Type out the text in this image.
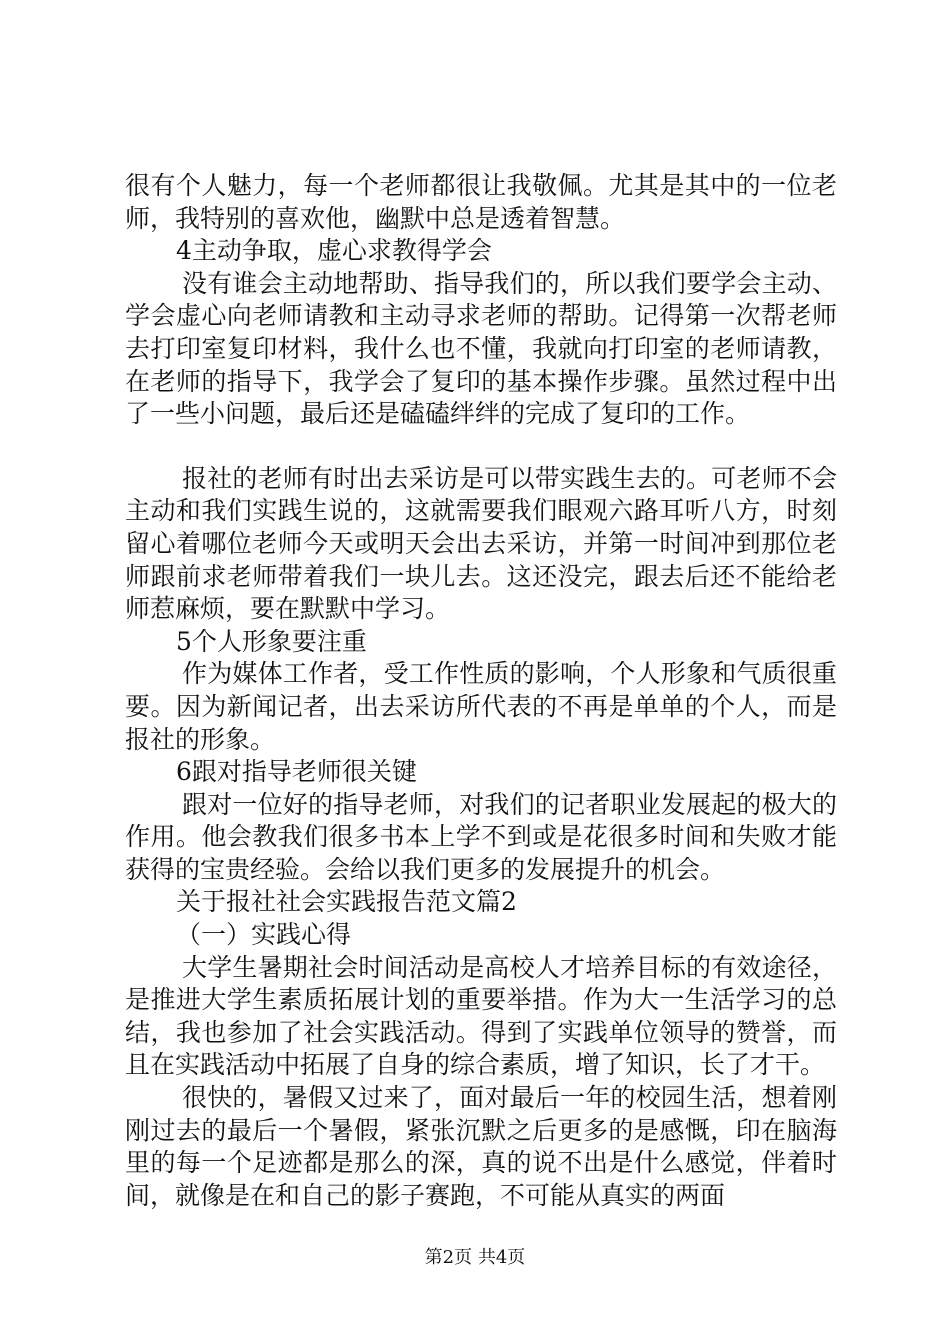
很有个人魅力，每一个老师都很让我敬佩。尤其是其中的一位老师，我特别的喜欢他，幽默中总是透着智慧。

4主动争取，虚心求教得学会

没有谁会主动地帮助、指导我们的，所以我们要学会主动、学会虚心向老师请教和主动寻求老师的帮助。记得第一次帮老师去打印室复印材料，我什么也不懂，我就向打印室的老师请教，在老师的指导下，我学会了复印的基本操作步骤。虽然过程中出了一些小问题，最后还是磕磕绊绊的完成了复印的工作。

报社的老师有时出去采访是可以带实践生去的。可老师不会主动和我们实践生说的，这就需要我们眼观六路耳听八方，时刻留心着哪位老师今天或明天会出去采访，并第一时间冲到那位老师跟前求老师带着我们一块儿去。这还没完，跟去后还不能给老师惹麻烦，要在默默中学习。

5个人形象要注重

作为媒体工作者，受工作性质的影响，个人形象和气质很重要。因为新闻记者，出去采访所代表的不再是单单的个人，而是报社的形象。

6跟对指导老师很关键

跟对一位好的指导老师，对我们的记者职业发展起的极大的作用。他会教我们很多书本上学不到或是花很多时间和失败才能获得的宝贵经验。会给以我们更多的发展提升的机会。

关于报社社会实践报告范文篇2

（一）实践心得

大学生暑期社会时间活动是高校人才培养目标的有效途径，是推进大学生素质拓展计划的重要举措。作为大一生活学习的总结，我也参加了社会实践活动。得到了实践单位领导的赞誉，而且在实践活动中拓展了自身的综合素质，增了知识，长了才干。

很快的，暑假又过来了，面对最后一年的校园生活，想着刚刚过去的最后一个暑假，紧张沉默之后更多的是感慨，印在脑海里的每一个足迹都是那么的深，真的说不出是什么感觉，伴着时间，就像是在和自己的影子赛跑，不可能从真实的两面

第2页 共4页
